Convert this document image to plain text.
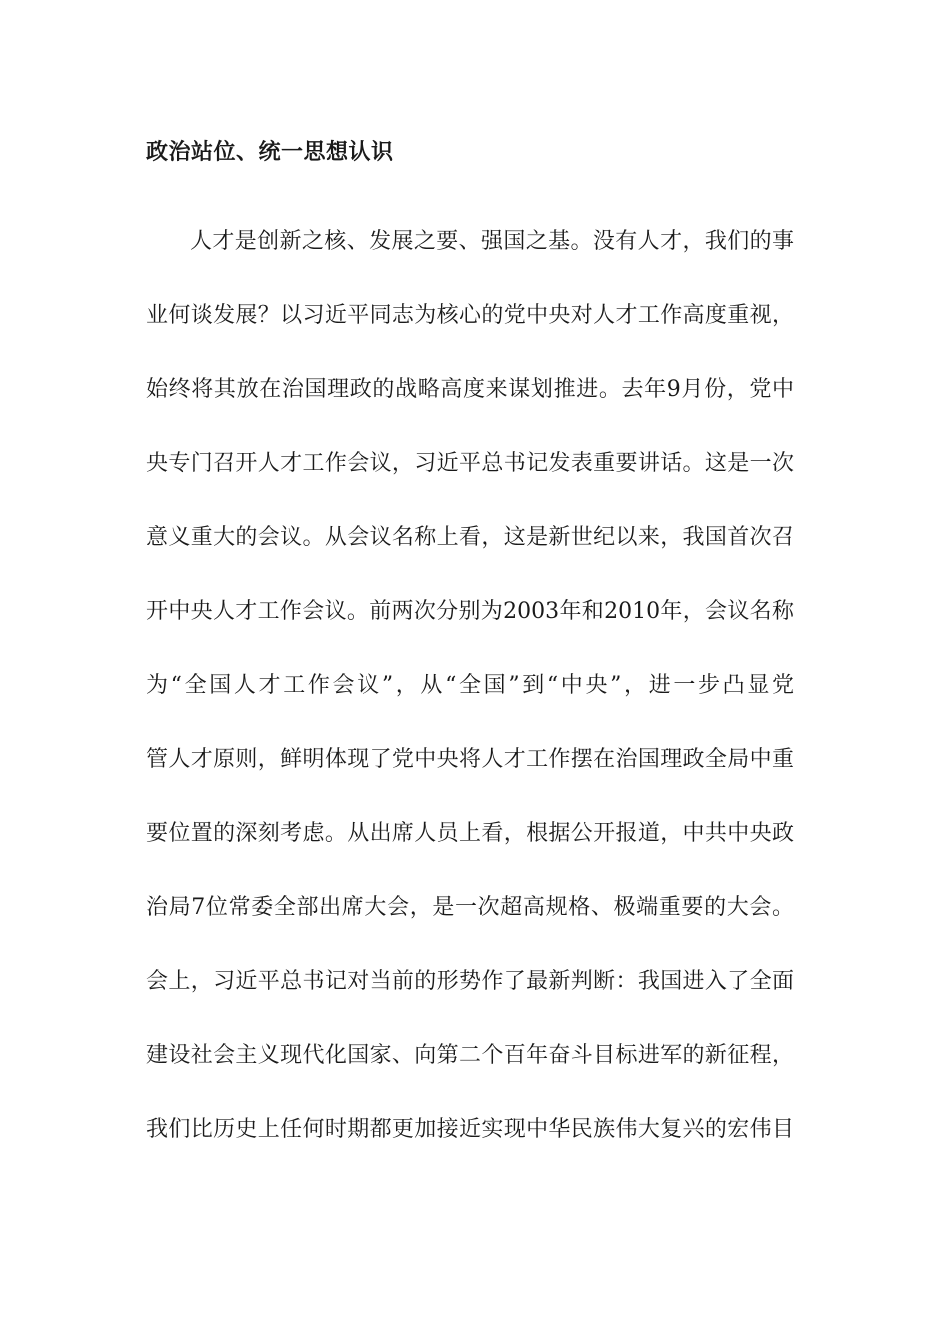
政治站位、统一思想认识
人才是创新之核、发展之要、强国之基。没有人才，我们的事
业何谈发展？以习近平同志为核心的党中央对人才工作高度重视，
始终将其放在治国理政的战略高度来谋划推进。去年9月份，党中
央专门召开人才工作会议，习近平总书记发表重要讲话。这是一次
意义重大的会议。从会议名称上看，这是新世纪以来，我国首次召
开中央人才工作会议。前两次分别为2003年和2010年，会议名称
为“全国人才工作会议”，从“全国”到“中央”，进一步凸显党
管人才原则，鲜明体现了党中央将人才工作摆在治国理政全局中重
要位置的深刻考虑。从出席人员上看，根据公开报道，中共中央政
治局7位常委全部出席大会，是一次超高规格、极端重要的大会。
会上，习近平总书记对当前的形势作了最新判断：我国进入了全面
建设社会主义现代化国家、向第二个百年奋斗目标进军的新征程，
我们比历史上任何时期都更加接近实现中华民族伟大复兴的宏伟目
